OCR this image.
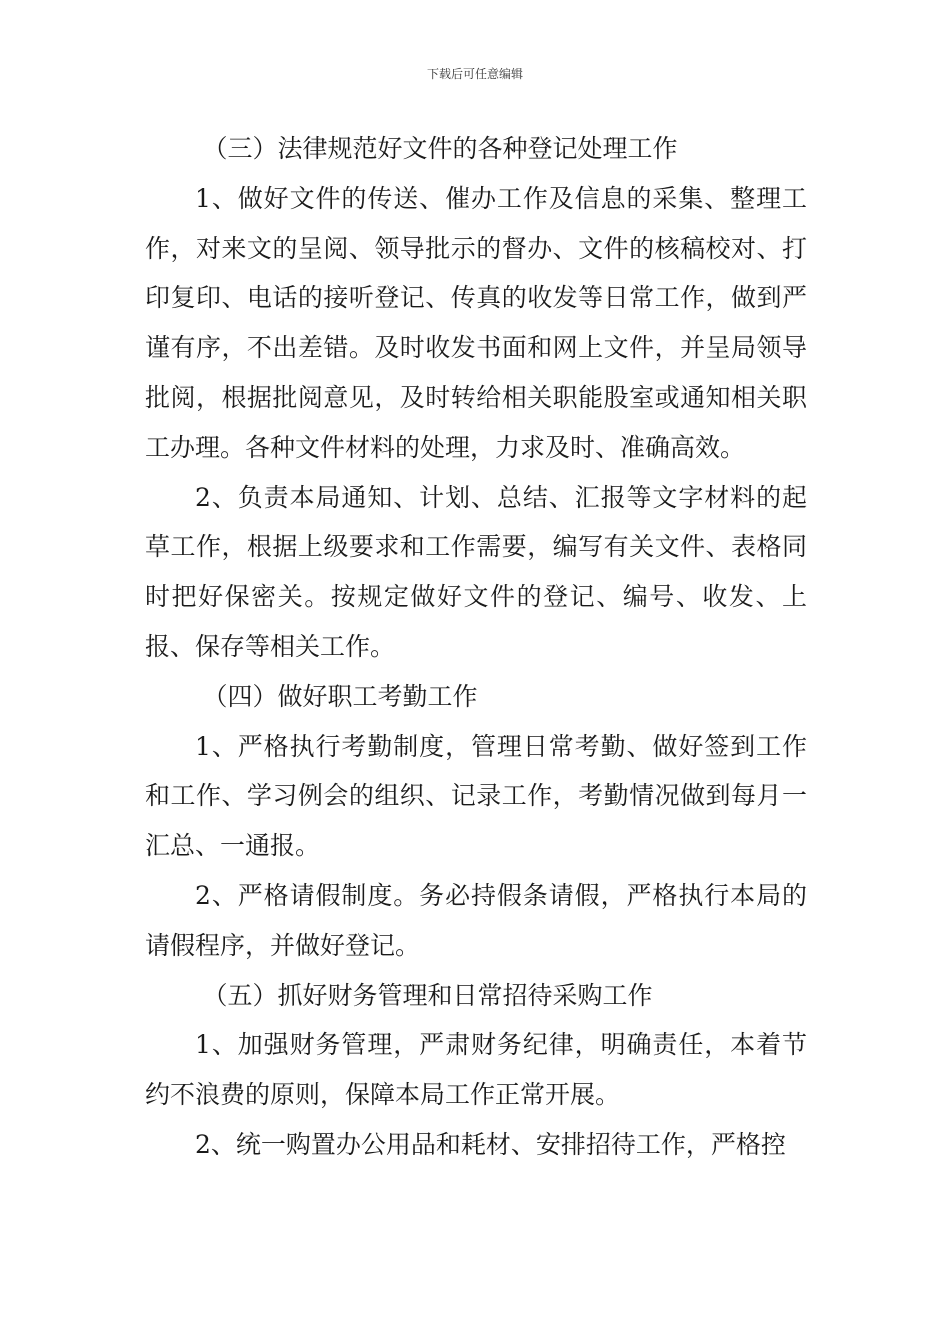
下载后可任意编辑

（三）法律规范好文件的各种登记处理工作

1、做好文件的传送、催办工作及信息的采集、整理工作，对来文的呈阅、领导批示的督办、文件的核稿校对、打印复印、电话的接听登记、传真的收发等日常工作，做到严谨有序，不出差错。及时收发书面和网上文件，并呈局领导批阅，根据批阅意见，及时转给相关职能股室或通知相关职工办理。各种文件材料的处理，力求及时、准确高效。

2、负责本局通知、计划、总结、汇报等文字材料的起草工作，根据上级要求和工作需要，编写有关文件、表格同时把好保密关。按规定做好文件的登记、编号、收发、上报、保存等相关工作。

（四）做好职工考勤工作

1、严格执行考勤制度，管理日常考勤、做好签到工作和工作、学习例会的组织、记录工作，考勤情况做到每月一汇总、一通报。

2、严格请假制度。务必持假条请假，严格执行本局的请假程序，并做好登记。

（五）抓好财务管理和日常招待采购工作

1、加强财务管理，严肃财务纪律，明确责任，本着节约不浪费的原则，保障本局工作正常开展。

2、统一购置办公用品和耗材、安排招待工作，严格控
